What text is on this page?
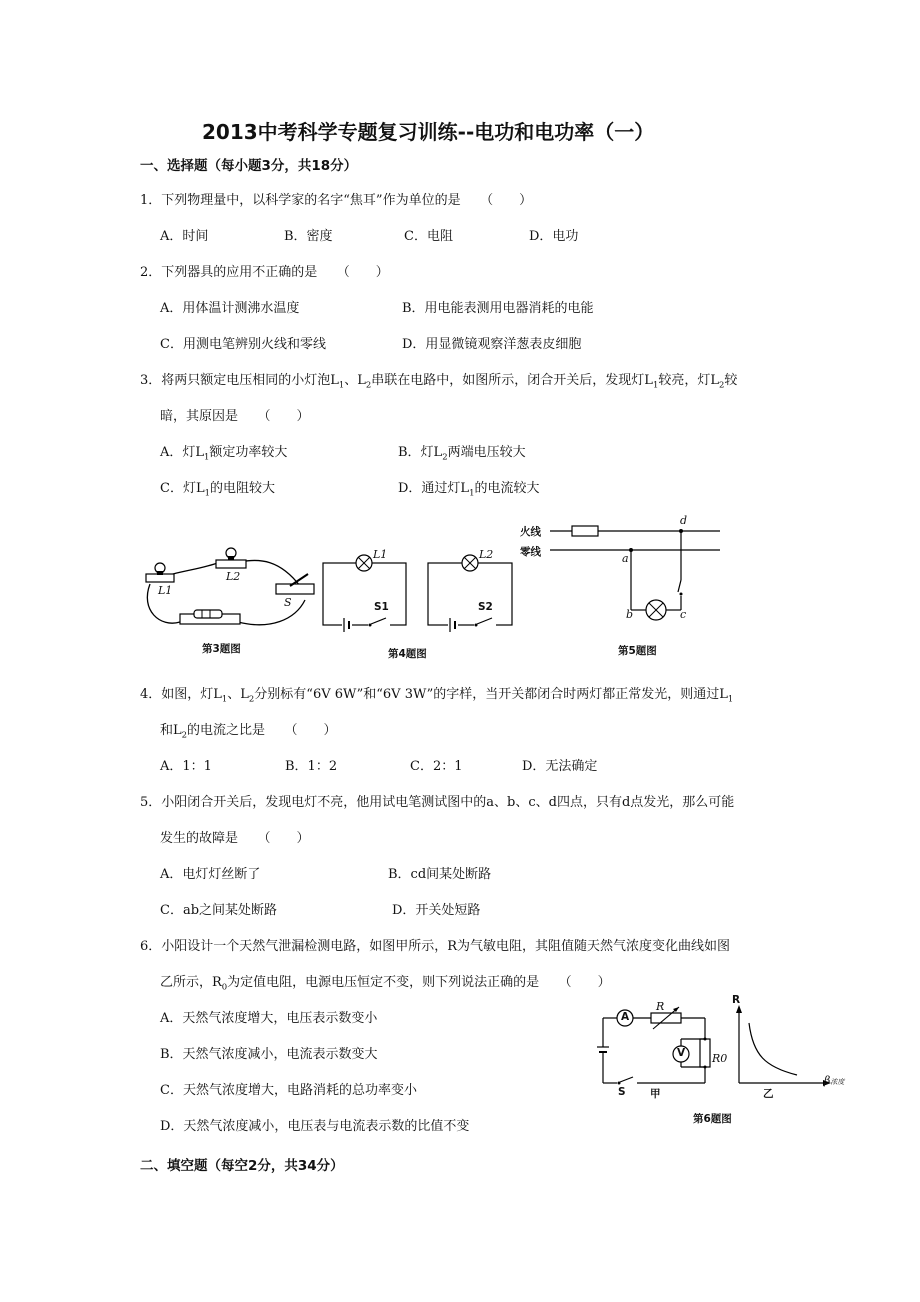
2013中考科学专题复习训练--电功和电功率（一）
一、选择题（每小题3分，共18分）
1．下列物理量中，以科学家的名字“焦耳”作为单位的是　　（　　）
A．时间	B．密度	C．电阻	D．电功
2．下列器具的应用不正确的是　　（　　）
A．用体温计测沸水温度	B．用电能表测用电器消耗的电能
C．用测电笔辨别火线和零线	D．用显微镜观察洋葱表皮细胞
3．将两只额定电压相同的小灯泡$L_1$、$L_2$串联在电路中，如图所示，闭合开关后，发现灯$L_1$较亮，灯$L_2$较
暗，其原因是　　（　　）
A．灯$L_1$额定功率较大	B．灯$L_2$两端电压较大
C．灯$L_1$的电阻较大	D．通过灯$L_1$的电流较大
L1
L2
S
第3题图
L1	L2
S1	S2
第4题图
火线
零线
d
a
b	c
第5题图
4．如图，灯$L_1$、$L_2$分别标有“6V 6W”和“6V 3W”的字样，当开关都闭合时两灯都正常发光，则通过$L_1$
和$L_2$的电流之比是　　（　　）
A．1：1	B．1：2	C．2：1	D．无法确定
5．小阳闭合开关后，发现电灯不亮，他用试电笔测试图中的a、b、c、d四点，只有d点发光，那么可能
发生的故障是　　（　　）
A．电灯灯丝断了	B．cd间某处断路
C．ab之间某处断路	D．开关处短路
6．小阳设计一个天然气泄漏检测电路，如图甲所示，R为气敏电阻，其阻值随天然气浓度变化曲线如图
乙所示，$R_0$为定值电阻，电源电压恒定不变，则下列说法正确的是　　（　　）
A．天然气浓度增大，电压表示数变小
B．天然气浓度减小，电流表示数变大
C．天然气浓度增大，电路消耗的总功率变小
D．天然气浓度减小，电压表与电流表示数的比值不变
A
V
R
R0
S 甲
R
乙
β浓度
第6题图
二、填空题（每空2分，共34分）
